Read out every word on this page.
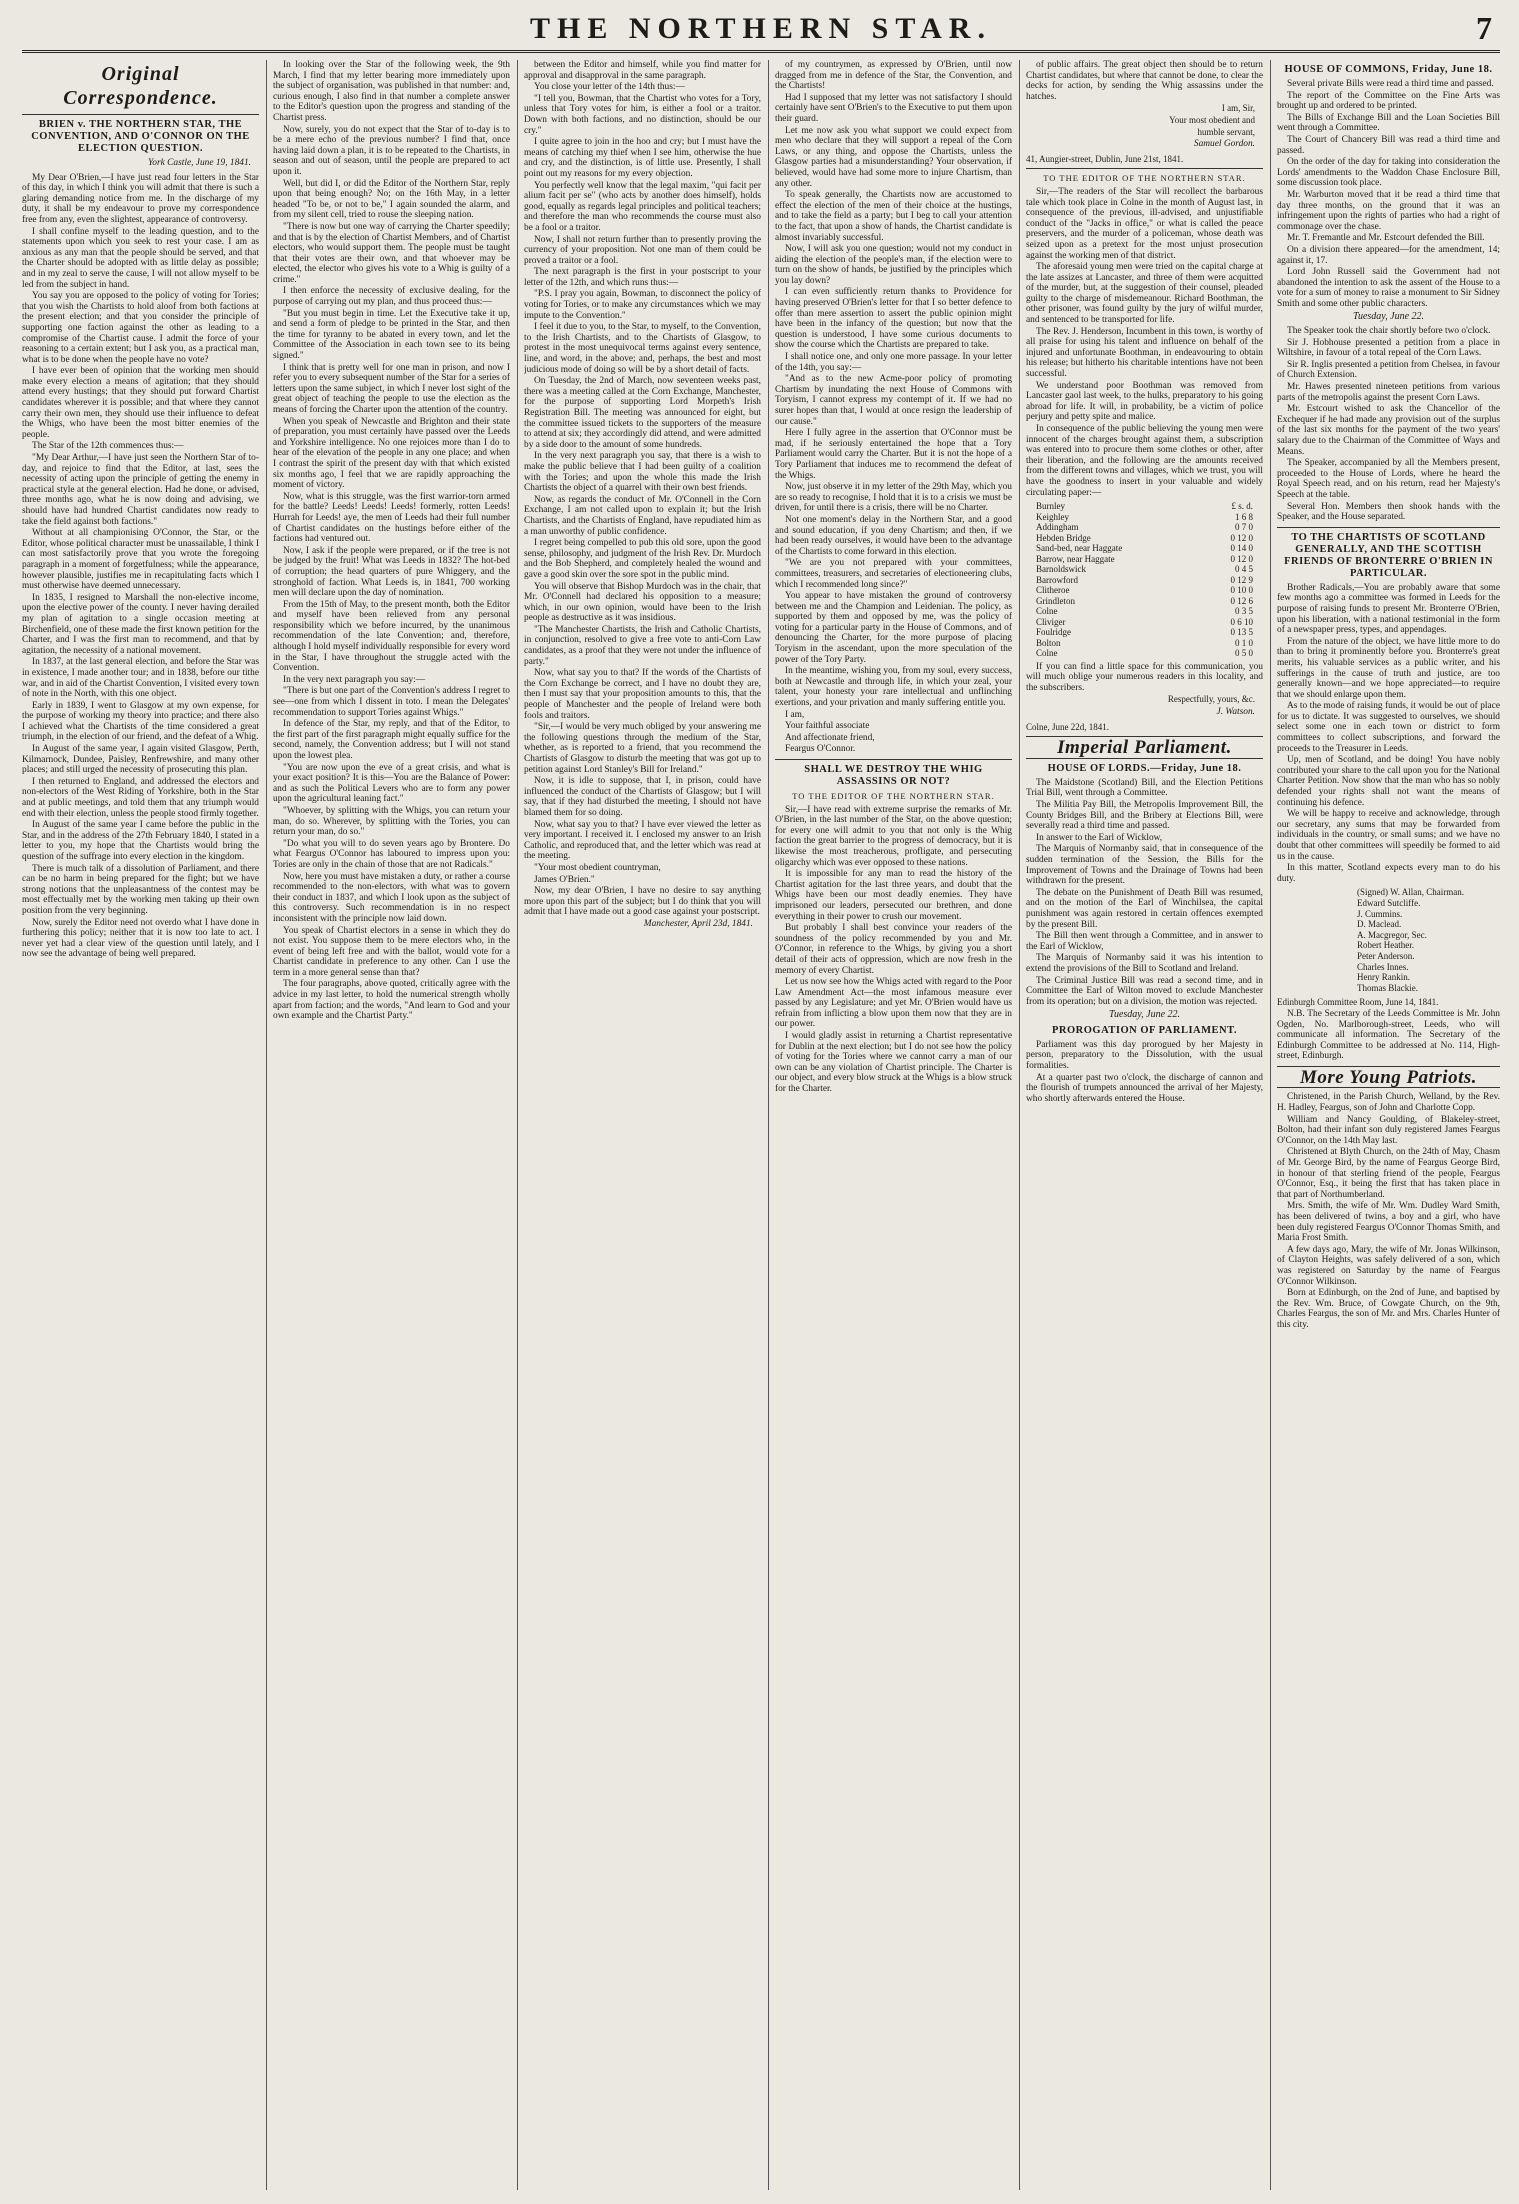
THE NORTHERN STAR.	7
Original Correspondence.
BRIEN v. THE NORTHERN STAR, THE CONVENTION, AND O'CONNOR ON THE ELECTION QUESTION.
York Castle, June 19, 1841.

My Dear O'Brien,—I have just read four letters in the Star of this day, in which I think you will admit that there is such a glaring demanding notice from me. In the discharge of my duty, it shall be my endeavour to prove my correspondence free from any, even the slightest, appearance of controversy.

I shall confine myself to the leading question, and to the statements upon which you seek to rest your case. I am as anxious as any man that the people should be served, and that the Charter should be adopted with as little delay as possible; and in my zeal to serve the cause, I will not allow myself to be led from the subject in hand.

You say you are opposed to the policy of voting for Tories; that you wish the Chartists to hold aloof from both factions at the present election; and that you consider the principle of supporting one faction against the other as leading to a compromise of the Chartist cause. I admit the force of your reasoning to a certain extent; but I ask you, as a practical man, what is to be done when the people have no vote?

I have ever been of opinion that the working men should make every election a means of agitation; that they should attend every hustings; that they should put forward Chartist candidates wherever it is possible; and that where they cannot carry their own men, they should use their influence to defeat the Whigs, who have been the most bitter enemies of the people.

The Star of the 12th commences thus:—

"My Dear Arthur,—I have just seen the Northern Star of to-day, and rejoice to find that the Editor, at last, sees the necessity of acting upon the principle of getting the enemy in practical style at the general election. Had he done, or advised, three months ago, what he is now doing and advising, we should have had hundred Chartist candidates now ready to take the field against both factions."

Without at all championising O'Connor, the Star, or the Editor, whose political character must be unassailable, I think I can most satisfactorily prove that you wrote the foregoing paragraph in a moment of forgetfulness; while the appearance, however plausible, justifies me in recapitulating facts which I must otherwise have deemed unnecessary.

In 1835, I resigned to Marshall the non-elective income, upon the elective power of the county. I never having derailed my plan of agitation to a single occasion meeting at Birchenfield, one of these made the first known petition for the Charter, and I was the first man to recommend, and that by agitation, the necessity of a national movement.

In 1837, at the last general election, and before the Star was in existence, I made another tour; and in 1838, before our tithe war, and in aid of the Chartist Convention, I visited every town of note in the North, with this one object.

Early in 1839, I went to Glasgow at my own expense, for the purpose of working my theory into practice; and there also I achieved what the Chartists of the time considered a great triumph, in the election of our friend, and the defeat of a Whig.

In August of the same year, I again visited Glasgow, Perth, Kilmarnock, Dundee, Paisley, Renfrewshire, and many other places; and still urged the necessity of prosecuting this plan.

I then returned to England, and addressed the electors and non-electors of the West Riding of Yorkshire, both in the Star and at public meetings, and told them that any triumph would end with their election, unless the people stood firmly together.

In August of the same year I came before the public in the Star, and in the address of the 27th February 1840, I stated in a letter to you, my hope that the Chartists would bring the question of the suffrage into every election in the kingdom.

There is much talk of a dissolution of Parliament, and there can be no harm in being prepared for the fight; but we have strong notions that the unpleasantness of the contest may be most effectually met by the working men taking up their own position from the very beginning.

Now, surely the Editor need not overdo what I have done in furthering this policy; neither that it is now too late to act. I never yet had a clear view of the question until lately, and I now see the advantage of being well prepared.

In looking over the Star of the following week, the 9th March, I find that my letter bearing more immediately upon the subject of organisation, was published in that number: and, curious enough, I also find in that number a complete answer to the Editor's question upon the progress and standing of the Chartist press.

Now, surely, you do not expect that the Star of to-day is to be a mere echo of the previous number? I find that, once having laid down a plan, it is to be repeated to the Chartists, in season and out of season, until the people are prepared to act upon it.

Well, but did I, or did the Editor of the Northern Star, reply upon that being enough? No; on the 16th May, in a letter headed "To be, or not to be," I again sounded the alarm, and from my silent cell, tried to rouse the sleeping nation.

"There is now but one way of carrying the Charter speedily; and that is by the election of Chartist Members, and of Chartist electors, who would support them. The people must be taught that their votes are their own, and that whoever may be elected, the elector who gives his vote to a Whig is guilty of a crime."

I then enforce the necessity of exclusive dealing, for the purpose of carrying out my plan, and thus proceed thus:—

"But you must begin in time. Let the Executive take it up, and send a form of pledge to be printed in the Star, and then the time for tyranny to be abated in every town, and let the Committee of the Association in each town see to its being signed."

I think that is pretty well for one man in prison, and now I refer you to every subsequent number of the Star for a series of letters upon the same subject, in which I never lost sight of the great object of teaching the people to use the election as the means of forcing the Charter upon the attention of the country.

When you speak of Newcastle and Brighton and their state of preparation, you must certainly have passed over the Leeds and Yorkshire intelligence. No one rejoices more than I do to hear of the elevation of the people in any one place; and when I contrast the spirit of the present day with that which existed six months ago, I feel that we are rapidly approaching the moment of victory.

Now, what is this struggle, was the first warrior-torn armed for the battle? Leeds! Leeds! Leeds! formerly, rotten Leeds! Hurrah for Leeds! aye, the men of Leeds had their full number of Chartist candidates on the hustings before either of the factions had ventured out.

Now, I ask if the people were prepared, or if the tree is not be judged by the fruit! What was Leeds in 1832? The hot-bed of corruption; the head quarters of pure Whiggery, and the stronghold of faction. What Leeds is, in 1841, 700 working men will declare upon the day of nomination.

From the 15th of May, to the present month, both the Editor and myself have been relieved from any personal responsibility which we before incurred, by the unanimous recommendation of the late Convention; and, therefore, although I hold myself individually responsible for every word in the Star, I have throughout the struggle acted with the Convention.

In the very next paragraph you say:—

"There is but one part of the Convention's address I regret to see—one from which I dissent in toto. I mean the Delegates' recommendation to support Tories against Whigs."

In defence of the Star, my reply, and that of the Editor, to the first part of the first paragraph might equally suffice for the second, namely, the Convention address; but I will not stand upon the lowest plea.

"You are now upon the eve of a great crisis, and what is your exact position? It is this—You are the Balance of Power: and as such the Political Levers who are to form any power upon the agricultural leaning fact."

"Whoever, by splitting with the Whigs, you can return your man, do so. Wherever, by splitting with the Tories, you can return your man, do so."

"Do what you will to do seven years ago by Brontere. Do what Feargus O'Connor has laboured to impress upon you: Tories are only in the chain of those that are not Radicals."

Now, here you must have mistaken a duty, or rather a course recommended to the non-electors, with what was to govern their conduct in 1837, and which I look upon as the subject of this controversy. Such recommendation is in no respect inconsistent with the principle now laid down.

You speak of Chartist electors in a sense in which they do not exist. You suppose them to be mere electors who, in the event of being left free and with the ballot, would vote for a Chartist candidate in preference to any other. Can I use the term in a more general sense than that?

The four paragraphs, above quoted, critically agree with the advice in my last letter, to hold the numerical strength wholly apart from faction; and the words, "And learn to God and your own example and the Chartist Party."

between the Editor and himself, while you find matter for approval and disapproval in the same paragraph.

You close your letter of the 14th thus:—

"I tell you, Bowman, that the Chartist who votes for a Tory, unless that Tory votes for him, is either a fool or a traitor. Down with both factions, and no distinction, should be our cry."

I quite agree to join in the hoo and cry; but I must have the means of catching my thief when I see him, otherwise the hue and cry, and the distinction, is of little use. Presently, I shall point out my reasons for my every objection.

You perfectly well know that the legal maxim, "qui facit per alium facit per se" (who acts by another does himself), holds good, equally as regards legal principles and political teachers; and therefore the man who recommends the course must also be a fool or a traitor.

Now, I shall not return further than to presently proving the currency of your proposition. Not one man of them could be proved a traitor or a fool.

The next paragraph is the first in your postscript to your letter of the 12th, and which runs thus:—

"P.S. I pray you again, Bowman, to disconnect the policy of voting for Tories, or to make any circumstances which we may impute to the Convention."

I feel it due to you, to the Star, to myself, to the Convention, to the Irish Chartists, and to the Chartists of Glasgow, to protest in the most unequivocal terms against every sentence, line, and word, in the above; and, perhaps, the best and most judicious mode of doing so will be by a short detail of facts.

On Tuesday, the 2nd of March, now seventeen weeks past, there was a meeting called at the Corn Exchange, Manchester, for the purpose of supporting Lord Morpeth's Irish Registration Bill. The meeting was announced for eight, but the committee issued tickets to the supporters of the measure to attend at six; they accordingly did attend, and were admitted by a side door to the amount of some hundreds.

In the very next paragraph you say, that there is a wish to make the public believe that I had been guilty of a coalition with the Tories; and upon the whole this made the Irish Chartists the object of a quarrel with their own best friends.

Now, as regards the conduct of Mr. O'Connell in the Corn Exchange, I am not called upon to explain it; but the Irish Chartists, and the Chartists of England, have repudiated him as a man unworthy of public confidence.

I regret being compelled to pub this old sore, upon the good sense, philosophy, and judgment of the Irish Rev. Dr. Murdoch and the Bob Shepherd, and completely healed the wound and gave a good skin over the sore spot in the public mind.

You will observe that Bishop Murdoch was in the chair, that Mr. O'Connell had declared his opposition to a measure; which, in our own opinion, would have been to the Irish people as destructive as it was insidious.

"The Manchester Chartists, the Irish and Catholic Chartists, in conjunction, resolved to give a free vote to anti-Corn Law candidates, as a proof that they were not under the influence of party."

Now, what say you to that? If the words of the Chartists of the Corn Exchange be correct, and I have no doubt they are, then I must say that your proposition amounts to this, that the people of Manchester and the people of Ireland were both fools and traitors.

"Sir,—I would be very much obliged by your answering me the following questions through the medium of the Star, whether, as is reported to a friend, that you recommend the Chartists of Glasgow to disturb the meeting that was got up to petition against Lord Stanley's Bill for Ireland."

Now, it is idle to suppose, that I, in prison, could have influenced the conduct of the Chartists of Glasgow; but I will say, that if they had disturbed the meeting, I should not have blamed them for so doing.

Now, what say you to that? I have ever viewed the letter as very important. I received it. I enclosed my answer to an Irish Catholic, and reproduced that, and the letter which was read at the meeting.

"Your most obedient countryman,

James O'Brien."

Now, my dear O'Brien, I have no desire to say anything more upon this part of the subject; but I do think that you will admit that I have made out a good case against your postscript.

Manchester, April 23d, 1841.

of my countrymen, as expressed by O'Brien, until now dragged from me in defence of the Star, the Convention, and the Chartists!

Had I supposed that my letter was not satisfactory I should certainly have sent O'Brien's to the Executive to put them upon their guard.

Let me now ask you what support we could expect from men who declare that they will support a repeal of the Corn Laws, or any thing, and oppose the Chartists, unless the Glasgow parties had a misunderstanding? Your observation, if believed, would have had some more to injure Chartism, than any other.

To speak generally, the Chartists now are accustomed to effect the election of the men of their choice at the hustings, and to take the field as a party; but I beg to call your attention to the fact, that upon a show of hands, the Chartist candidate is almost invariably successful.

Now, I will ask you one question; would not my conduct in aiding the election of the people's man, if the election were to turn on the show of hands, be justified by the principles which you lay down?

I can even sufficiently return thanks to Providence for having preserved O'Brien's letter for that I so better defence to offer than mere assertion to assert the public opinion might have been in the infancy of the question; but now that the question is understood, I have some curious documents to show the course which the Chartists are prepared to take.

I shall notice one, and only one more passage. In your letter of the 14th, you say:—

"And as to the new Acme-poor policy of promoting Chartism by inundating the next House of Commons with Toryism, I cannot express my contempt of it. If we had no surer hopes than that, I would at once resign the leadership of our cause."

Here I fully agree in the assertion that O'Connor must be mad, if he seriously entertained the hope that a Tory Parliament would carry the Charter. But it is not the hope of a Tory Parliament that induces me to recommend the defeat of the Whigs.

Now, just observe it in my letter of the 29th May, which you are so ready to recognise, I hold that it is to a crisis we must be driven, for until there is a crisis, there will be no Charter.

Not one moment's delay in the Northern Star, and a good and sound education, if you deny Chartism; and then, if we had been ready ourselves, it would have been to the advantage of the Chartists to come forward in this election.

"We are you not prepared with your committees, committees, treasurers, and secretaries of electioneering clubs, which I recommended long since?"

You appear to have mistaken the ground of controversy between me and the Champion and Leidenian. The policy, as supported by them and opposed by me, was the policy of voting for a particular party in the House of Commons, and of denouncing the Charter, for the more purpose of placing Toryism in the ascendant, upon the more speculation of the power of the Tory Party.

In the meantime, wishing you, from my soul, every success, both at Newcastle and through life, in which your zeal, your talent, your honesty your rare intellectual and unflinching exertions, and your privation and manly suffering entitle you.

I am,

Your faithful associate

And affectionate friend,

Feargus O'Connor.

SHALL WE DESTROY THE WHIG ASSASSINS OR NOT?
TO THE EDITOR OF THE NORTHERN STAR.

Sir,—I have read with extreme surprise the remarks of Mr. O'Brien, in the last number of the Star, on the above question; for every one will admit to you that not only is the Whig faction the great barrier to the progress of democracy, but it is likewise the most treacherous, profligate, and persecuting oligarchy which was ever opposed to these nations.

It is impossible for any man to read the history of the Chartist agitation for the last three years, and doubt that the Whigs have been our most deadly enemies. They have imprisoned our leaders, persecuted our brethren, and done everything in their power to crush our movement.

But probably I shall best convince your readers of the soundness of the policy recommended by you and Mr. O'Connor, in reference to the Whigs, by giving you a short detail of their acts of oppression, which are now fresh in the memory of every Chartist.

Let us now see how the Whigs acted with regard to the Poor Law Amendment Act—the most infamous measure ever passed by any Legislature; and yet Mr. O'Brien would have us refrain from inflicting a blow upon them now that they are in our power.

I would gladly assist in returning a Chartist representative for Dublin at the next election; but I do not see how the policy of voting for the Tories where we cannot carry a man of our own can be any violation of Chartist principle. The Charter is our object, and every blow struck at the Whigs is a blow struck for the Charter.

of public affairs. The great object then should be to return Chartist candidates, but where that cannot be done, to clear the decks for action, by sending the Whig assassins under the hatches.

I am, Sir,
Your most obedient and
humble servant,
Samuel Gordon.
41, Aungier-street, Dublin, June 21st, 1841.
TO THE EDITOR OF THE NORTHERN STAR.

Sir,—The readers of the Star will recollect the barbarous tale which took place in Colne in the month of August last, in consequence of the previous, ill-advised, and unjustifiable conduct of the "Jacks in office," or what is called the peace preservers, and the murder of a policeman, whose death was seized upon as a pretext for the most unjust prosecution against the working men of that district.

The aforesaid young men were tried on the capital charge at the late assizes at Lancaster, and three of them were acquitted of the murder, but, at the suggestion of their counsel, pleaded guilty to the charge of misdemeanour. Richard Boothman, the other prisoner, was found guilty by the jury of wilful murder, and sentenced to be transported for life.

The Rev. J. Henderson, Incumbent in this town, is worthy of all praise for using his talent and influence on behalf of the injured and unfortunate Boothman, in endeavouring to obtain his release; but hitherto his charitable intentions have not been successful.

We understand poor Boothman was removed from Lancaster gaol last week, to the hulks, preparatory to his going abroad for life. It will, in probability, be a victim of police perjury and petty spite and malice.

In consequence of the public believing the young men were innocent of the charges brought against them, a subscription was entered into to procure them some clothes or other, after their liberation, and the following are the amounts received from the different towns and villages, which we trust, you will have the goodness to insert in your valuable and widely circulating paper:—

Burnley	£ s. d.
Keighley	1 6 8
Addingham	0 7 0
Hebden Bridge	0 12 0
Sand-bed, near Haggate	0 14 0
Barrow, near Haggate	0 12 0
Barnoldswick	0 4 5
Barrowford	0 12 9
Clitheroe	0 10 0
Grindleton	0 12 6
Colne	0 3 5
Cliviger	0 6 10
Foulridge	0 13 5
Bolton	0 1 0
Colne	0 5 0

If you can find a little space for this communication, you will much oblige your numerous readers in this locality, and the subscribers.

Respectfully, yours, &c.
J. Watson.
Colne, June 22d, 1841.
Imperial Parliament.
HOUSE OF LORDS.—Friday, June 18.

The Maidstone (Scotland) Bill, and the Election Petitions Trial Bill, went through a Committee.

The Militia Pay Bill, the Metropolis Improvement Bill, the County Bridges Bill, and the Bribery at Elections Bill, were severally read a third time and passed.

In answer to the Earl of Wicklow,

The Marquis of Normanby said, that in consequence of the sudden termination of the Session, the Bills for the Improvement of Towns and the Drainage of Towns had been withdrawn for the present.

The debate on the Punishment of Death Bill was resumed, and on the motion of the Earl of Winchilsea, the capital punishment was again restored in certain offences exempted by the present Bill.

The Bill then went through a Committee, and in answer to the Earl of Wicklow,

The Marquis of Normanby said it was his intention to extend the provisions of the Bill to Scotland and Ireland.

The Criminal Justice Bill was read a second time, and in Committee the Earl of Wilton moved to exclude Manchester from its operation; but on a division, the motion was rejected.

Tuesday, June 22.
PROROGATION OF PARLIAMENT.

Parliament was this day prorogued by her Majesty in person, preparatory to the Dissolution, with the usual formalities.

At a quarter past two o'clock, the discharge of cannon and the flourish of trumpets announced the arrival of her Majesty, who shortly afterwards entered the House.

HOUSE OF COMMONS, Friday, June 18.

Several private Bills were read a third time and passed.

The report of the Committee on the Fine Arts was brought up and ordered to be printed.

The Bills of Exchange Bill and the Loan Societies Bill went through a Committee.

The Court of Chancery Bill was read a third time and passed.

On the order of the day for taking into consideration the Lords' amendments to the Waddon Chase Enclosure Bill, some discussion took place.

Mr. Warburton moved that it be read a third time that day three months, on the ground that it was an infringement upon the rights of parties who had a right of commonage over the chase.

Mr. T. Fremantle and Mr. Estcourt defended the Bill.

On a division there appeared—for the amendment, 14; against it, 17.

Lord John Russell said the Government had not abandoned the intention to ask the assent of the House to a vote for a sum of money to raise a monument to Sir Sidney Smith and some other public characters.

Tuesday, June 22.

The Speaker took the chair shortly before two o'clock.

Sir J. Hobhouse presented a petition from a place in Wiltshire, in favour of a total repeal of the Corn Laws.

Sir R. Inglis presented a petition from Chelsea, in favour of Church Extension.

Mr. Hawes presented nineteen petitions from various parts of the metropolis against the present Corn Laws.

Mr. Estcourt wished to ask the Chancellor of the Exchequer if he had made any provision out of the surplus of the last six months for the payment of the two years' salary due to the Chairman of the Committee of Ways and Means.

The Speaker, accompanied by all the Members present, proceeded to the House of Lords, where he heard the Royal Speech read, and on his return, read her Majesty's Speech at the table.

Several Hon. Members then shook hands with the Speaker, and the House separated.

TO THE CHARTISTS OF SCOTLAND GENERALLY, AND THE SCOTTISH FRIENDS OF BRONTERRE O'BRIEN IN PARTICULAR.

Brother Radicals,—You are probably aware that some few months ago a committee was formed in Leeds for the purpose of raising funds to present Mr. Bronterre O'Brien, upon his liberation, with a national testimonial in the form of a newspaper press, types, and appendages.

From the nature of the object, we have little more to do than to bring it prominently before you. Bronterre's great merits, his valuable services as a public writer, and his sufferings in the cause of truth and justice, are too generally known—and we hope appreciated—to require that we should enlarge upon them.

As to the mode of raising funds, it would be out of place for us to dictate. It was suggested to ourselves, we should select some one in each town or district to form committees to collect subscriptions, and forward the proceeds to the Treasurer in Leeds.

Up, men of Scotland, and be doing! You have nobly contributed your share to the call upon you for the National Charter Petition. Now show that the man who has so nobly defended your rights shall not want the means of continuing his defence.

We will be happy to receive and acknowledge, through our secretary, any sums that may be forwarded from individuals in the country, or small sums; and we have no doubt that other committees will speedily be formed to aid us in the cause.

In this matter, Scotland expects every man to do his duty.

(Signed) W. Allan, Chairman.
Edward Sutcliffe.
J. Cummins.
D. Maclead.
A. Macgregor, Sec.
Robert Heather.
Peter Anderson.
Charles Innes.
Henry Rankin.
Thomas Blackie.
Edinburgh Committee Room, June 14, 1841.

N.B. The Secretary of the Leeds Committee is Mr. John Ogden, No. Marlborough-street, Leeds, who will communicate all information. The Secretary of the Edinburgh Committee to be addressed at No. 114, High-street, Edinburgh.

More Young Patriots.

Christened, in the Parish Church, Welland, by the Rev. H. Hadley, Feargus, son of John and Charlotte Copp.

William and Nancy Goulding, of Blakeley-street, Bolton, had their infant son duly registered James Feargus O'Connor, on the 14th May last.

Christened at Blyth Church, on the 24th of May, Chasm of Mr. George Bird, by the name of Feargus George Bird, in honour of that sterling friend of the people, Feargus O'Connor, Esq., it being the first that has taken place in that part of Northumberland.

Mrs. Smith, the wife of Mr. Wm. Dudley Ward Smith, has been delivered of twins, a boy and a girl, who have been duly registered Feargus O'Connor Thomas Smith, and Maria Frost Smith.

A few days ago, Mary, the wife of Mr. Jonas Wilkinson, of Clayton Heights, was safely delivered of a son, which was registered on Saturday by the name of Feargus O'Connor Wilkinson.

Born at Edinburgh, on the 2nd of June, and baptised by the Rev. Wm. Bruce, of Cowgate Church, on the 9th, Charles Feargus, the son of Mr. and Mrs. Charles Hunter of this city.
